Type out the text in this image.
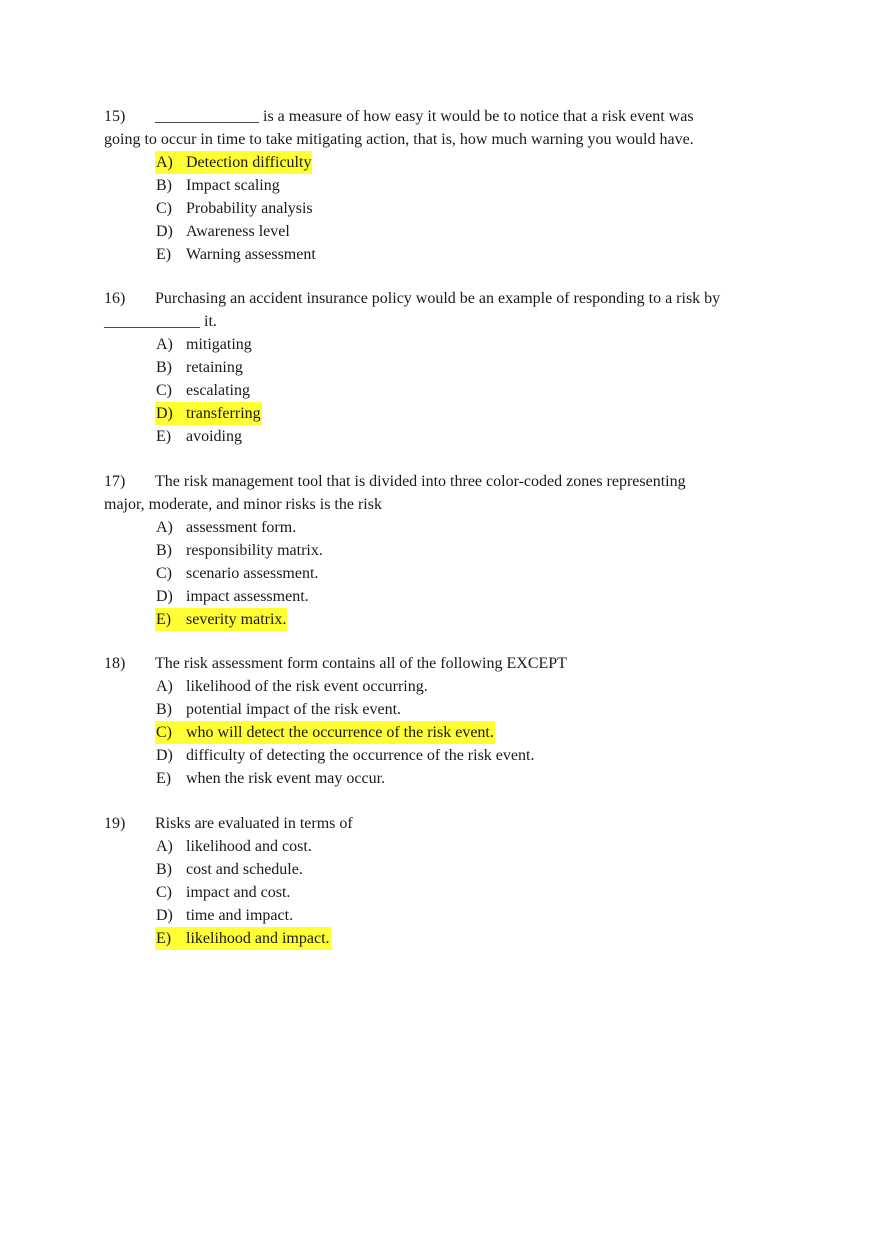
15) _____________ is a measure of how easy it would be to notice that a risk event was
going to occur in time to take mitigating action, that is, how much warning you would have.
A) Detection difficulty
B) Impact scaling
C) Probability analysis
D) Awareness level
E) Warning assessment
16) Purchasing an accident insurance policy would be an example of responding to a risk by
____________ it.
A) mitigating
B) retaining
C) escalating
D) transferring
E) avoiding
17) The risk management tool that is divided into three color-coded zones representing
major, moderate, and minor risks is the risk
A) assessment form.
B) responsibility matrix.
C) scenario assessment.
D) impact assessment.
E) severity matrix.
18) The risk assessment form contains all of the following EXCEPT
A) likelihood of the risk event occurring.
B) potential impact of the risk event.
C) who will detect the occurrence of the risk event.
D) difficulty of detecting the occurrence of the risk event.
E) when the risk event may occur.
19) Risks are evaluated in terms of
A) likelihood and cost.
B) cost and schedule.
C) impact and cost.
D) time and impact.
E) likelihood and impact.
